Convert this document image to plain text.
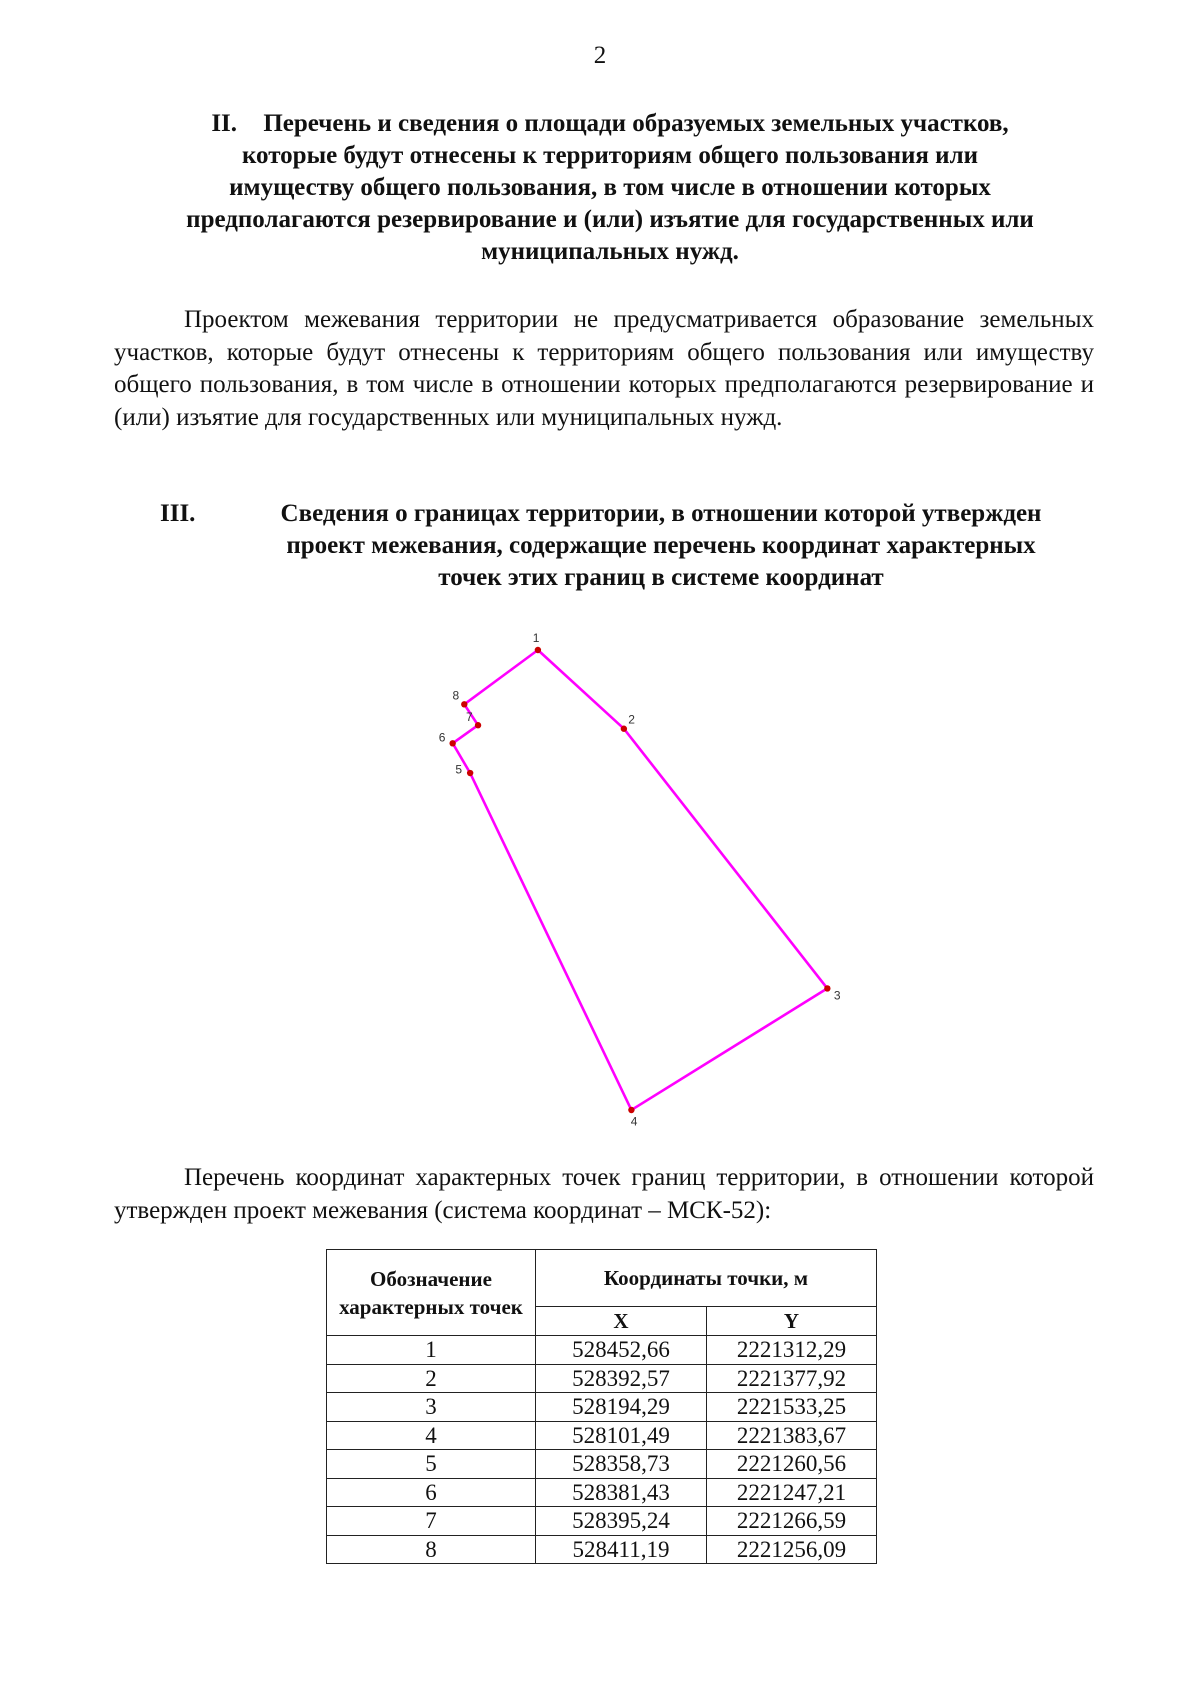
2
II. Перечень и сведения о площади образуемых земельных участков,
которые будут отнесены к территориям общего пользования или
имуществу общего пользования, в том числе в отношении которых
предполагаются резервирование и (или) изъятие для государственных или
муниципальных нужд.
Проектом межевания территории не предусматривается образование земельных участков, которые будут отнесены к территориям общего пользования или имуществу общего пользования, в том числе в отношении которых предполагаются резервирование и (или) изъятие для государственных или муниципальных нужд.
III.	Сведения о границах территории, в отношении которой утвержден
проект межевания, содержащие перечень координат характерных
точек этих границ в системе координат
1
2
3
4
5
6
7
8
Перечень координат характерных точек границ территории, в отношении которой утвержден проект межевания (система координат – МСК-52):
Обозначение характерных точек	Координаты точки, м	
	X	Y
1	528452,66	2221312,29
2	528392,57	2221377,92
3	528194,29	2221533,25
4	528101,49	2221383,67
5	528358,73	2221260,56
6	528381,43	2221247,21
7	528395,24	2221266,59
8	528411,19	2221256,09
